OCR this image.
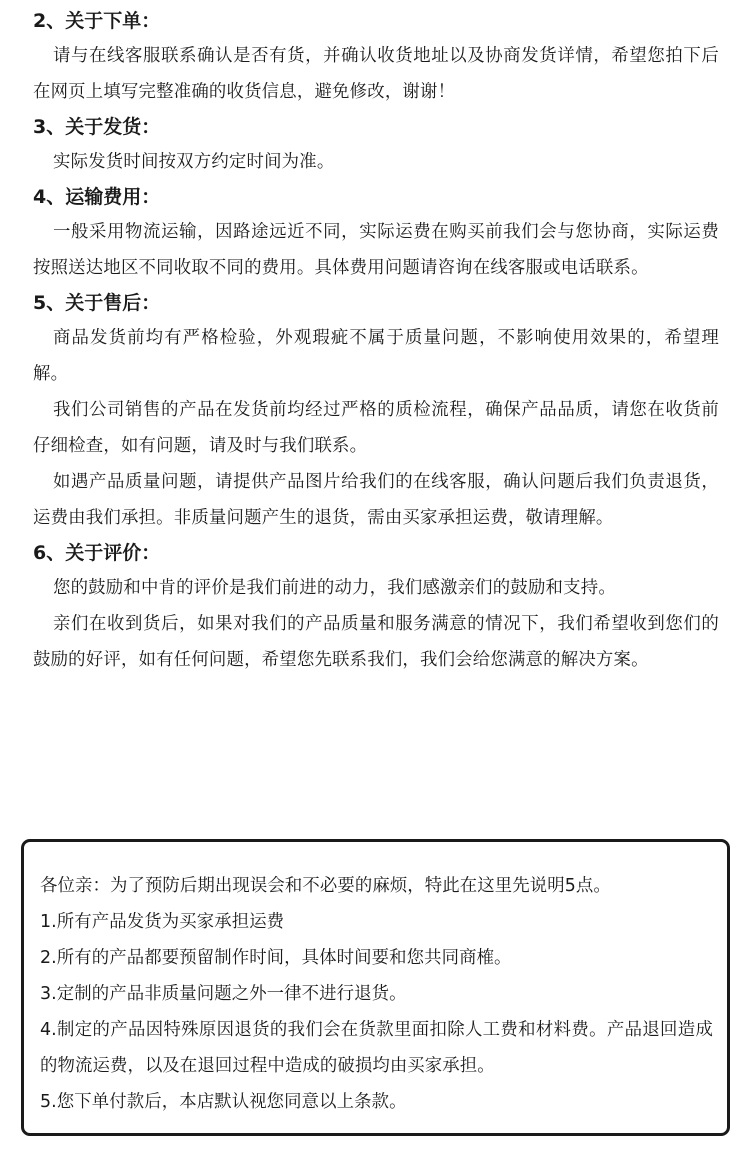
2、关于下单：
请与在线客服联系确认是否有货，并确认收货地址以及协商发货详情，希望您拍下后在网页上填写完整准确的收货信息，避免修改，谢谢！
3、关于发货：
实际发货时间按双方约定时间为准。
4、运输费用：
一般采用物流运输，因路途远近不同，实际运费在购买前我们会与您协商，实际运费按照送达地区不同收取不同的费用。具体费用问题请咨询在线客服或电话联系。
5、关于售后：
商品发货前均有严格检验，外观瑕疵不属于质量问题，不影响使用效果的，希望理解。
我们公司销售的产品在发货前均经过严格的质检流程，确保产品品质，请您在收货前仔细检查，如有问题，请及时与我们联系。
如遇产品质量问题，请提供产品图片给我们的在线客服，确认问题后我们负责退货，运费由我们承担。非质量问题产生的退货，需由买家承担运费，敬请理解。
6、关于评价：
您的鼓励和中肯的评价是我们前进的动力，我们感激亲们的鼓励和支持。
亲们在收到货后，如果对我们的产品质量和服务满意的情况下，我们希望收到您们的鼓励的好评，如有任何问题，希望您先联系我们，我们会给您满意的解决方案。
各位亲：为了预防后期出现误会和不必要的麻烦，特此在这里先说明5点。
1.所有产品发货为买家承担运费
2.所有的产品都要预留制作时间，具体时间要和您共同商榷。
3.定制的产品非质量问题之外一律不进行退货。
4.制定的产品因特殊原因退货的我们会在货款里面扣除人工费和材料费。产品退回造成的物流运费，以及在退回过程中造成的破损均由买家承担。
5.您下单付款后，本店默认视您同意以上条款。
